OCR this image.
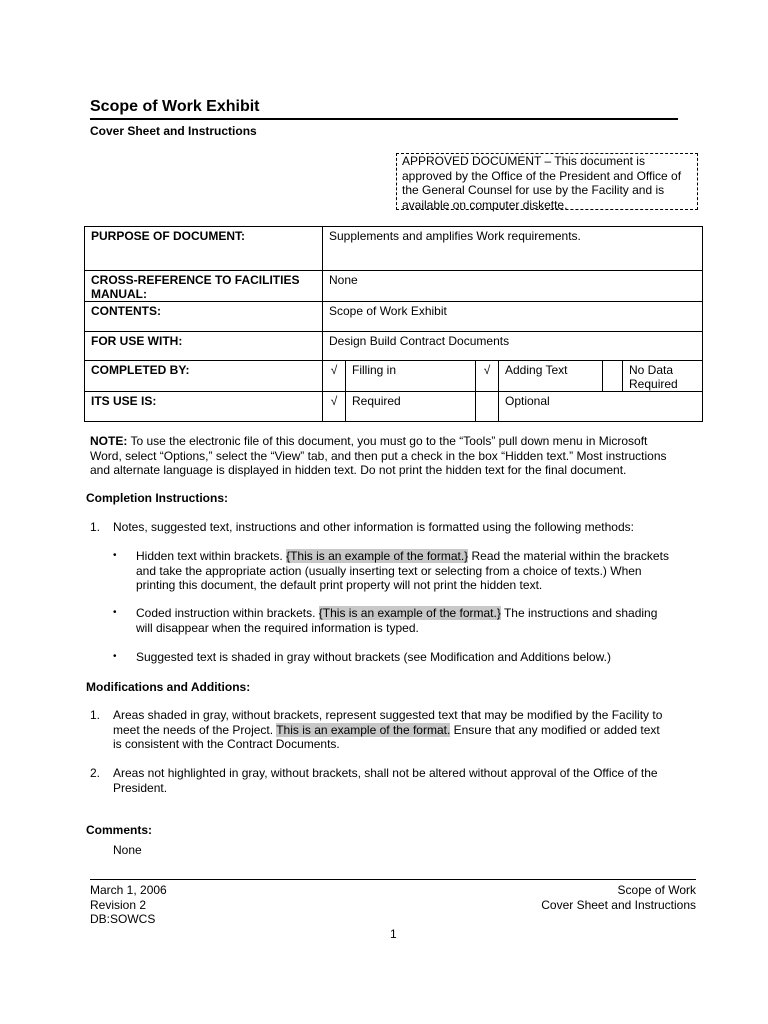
Scope of Work Exhibit
Cover Sheet and Instructions
APPROVED DOCUMENT – This document is
approved by the Office of the President and Office of
the General Counsel for use by the Facility and is
available on computer diskette.
PURPOSE OF DOCUMENT:	Supplements and amplifies Work requirements.					

CROSS-REFERENCE TO FACILITIES
MANUAL:	None					
CONTENTS:	Scope of Work Exhibit					
FOR USE WITH:	Design Build Contract Documents					
COMPLETED BY:	√	Filling in	√	Adding Text		No Data
Required

ITS USE IS:	√	Required		Optional		
NOTE: To use the electronic file of this document, you must go to the “Tools” pull down menu in Microsoft
Word, select “Options,” select the “View” tab, and then put a check in the box “Hidden text.” Most instructions
and alternate language is displayed in hidden text. Do not print the hidden text for the final document.
Completion Instructions:
1. Notes, suggested text, instructions and other information is formatted using the following methods:
• Hidden text within brackets. {This is an example of the format.} Read the material within the brackets
and take the appropriate action (usually inserting text or selecting from a choice of texts.) When
printing this document, the default print property will not print the hidden text.
• Coded instruction within brackets. {This is an example of the format.} The instructions and shading
will disappear when the required information is typed.
• Suggested text is shaded in gray without brackets (see Modification and Additions below.)
Modifications and Additions:
1. Areas shaded in gray, without brackets, represent suggested text that may be modified by the Facility to
meet the needs of the Project. This is an example of the format. Ensure that any modified or added text
is consistent with the Contract Documents.
2. Areas not highlighted in gray, without brackets, shall not be altered without approval of the Office of the
President.
Comments:
None
March 1, 2006
Revision 2
DB:SOWCS
Scope of Work
Cover Sheet and Instructions
1
